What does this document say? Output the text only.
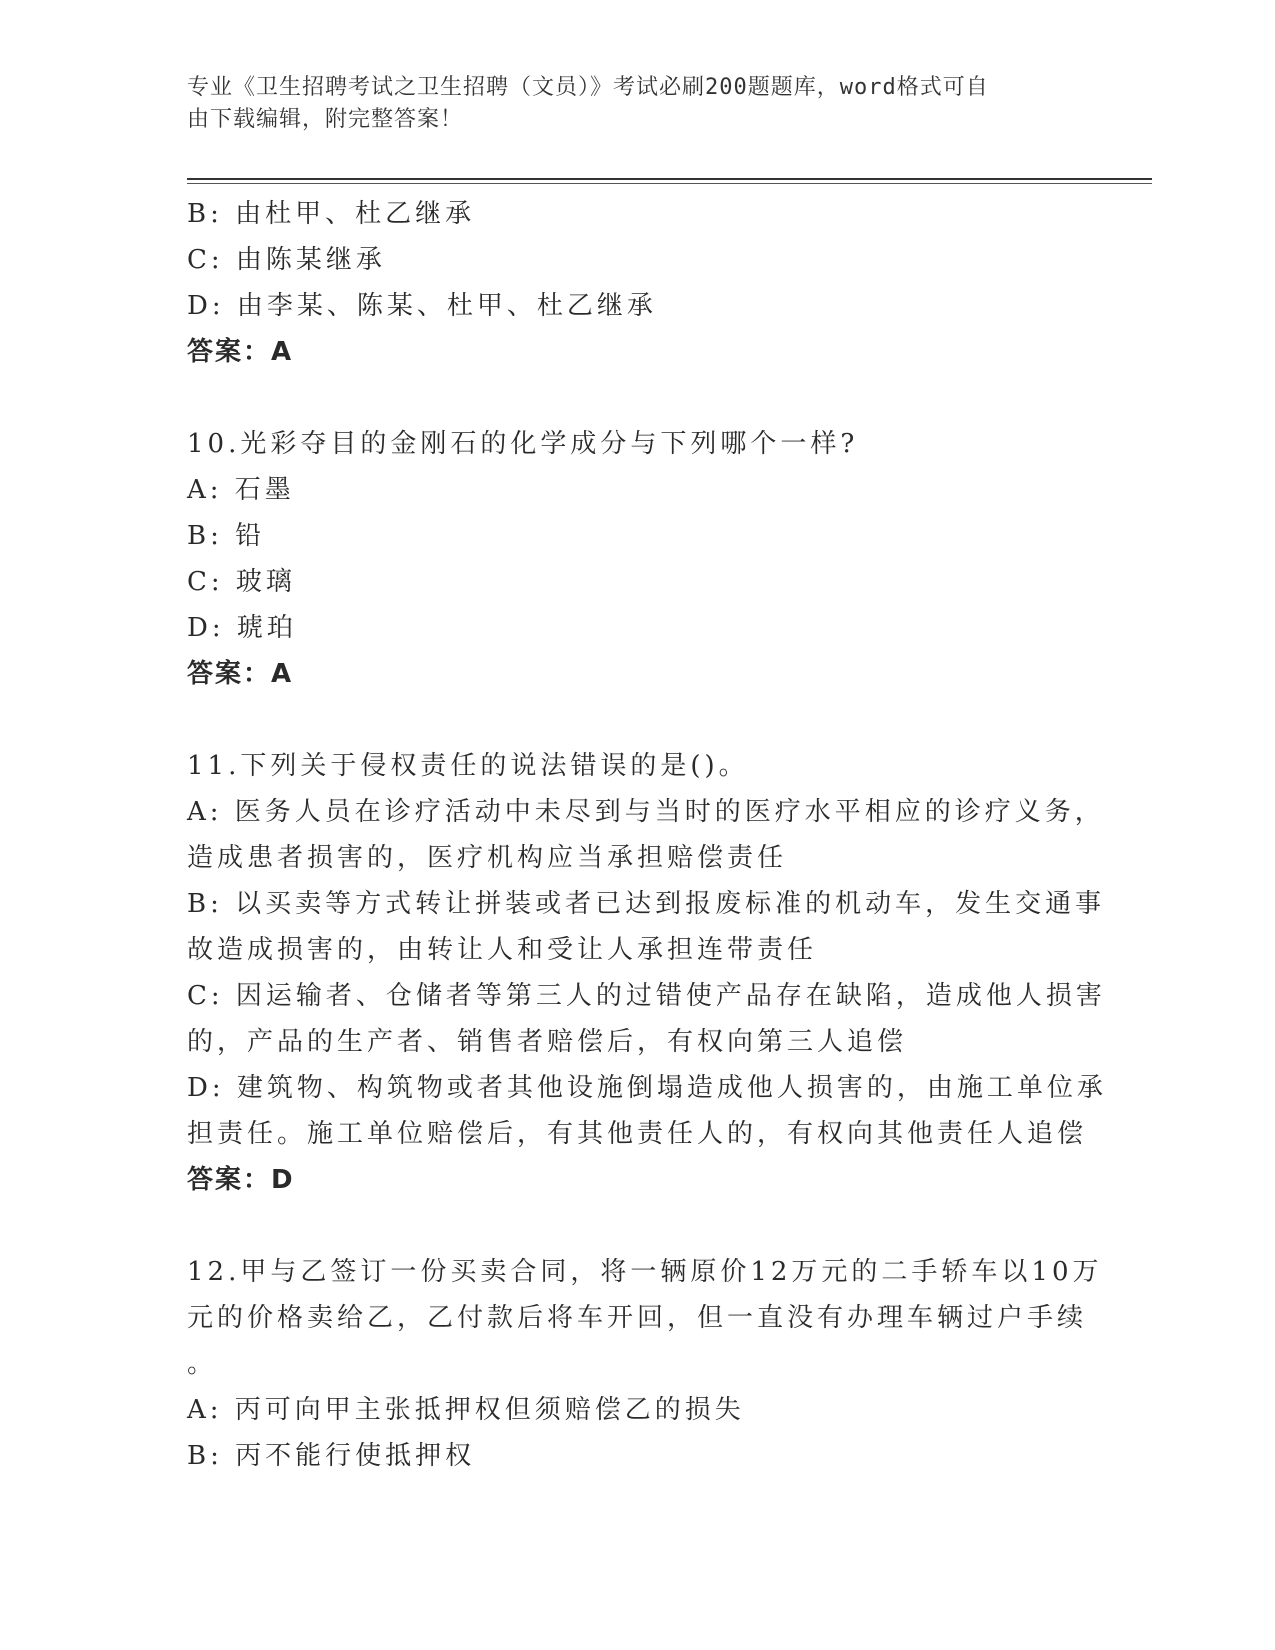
专业《卫生招聘考试之卫生招聘（文员）》考试必刷200题题库，word格式可自
由下载编辑，附完整答案！
B: 由杜甲、杜乙继承
C: 由陈某继承
D: 由李某、陈某、杜甲、杜乙继承
答案：A
10.光彩夺目的金刚石的化学成分与下列哪个一样?
A: 石墨
B: 铅
C: 玻璃
D: 琥珀
答案：A
11.下列关于侵权责任的说法错误的是()。
A: 医务人员在诊疗活动中未尽到与当时的医疗水平相应的诊疗义务，
造成患者损害的，医疗机构应当承担赔偿责任
B: 以买卖等方式转让拼装或者已达到报废标准的机动车，发生交通事
故造成损害的，由转让人和受让人承担连带责任
C: 因运输者、仓储者等第三人的过错使产品存在缺陷，造成他人损害
的，产品的生产者、销售者赔偿后，有权向第三人追偿
D: 建筑物、构筑物或者其他设施倒塌造成他人损害的，由施工单位承
担责任。施工单位赔偿后，有其他责任人的，有权向其他责任人追偿
答案：D
12.甲与乙签订一份买卖合同，将一辆原价12万元的二手轿车以10万
元的价格卖给乙，乙付款后将车开回，但一直没有办理车辆过户手续
。
A: 丙可向甲主张抵押权但须赔偿乙的损失
B: 丙不能行使抵押权
